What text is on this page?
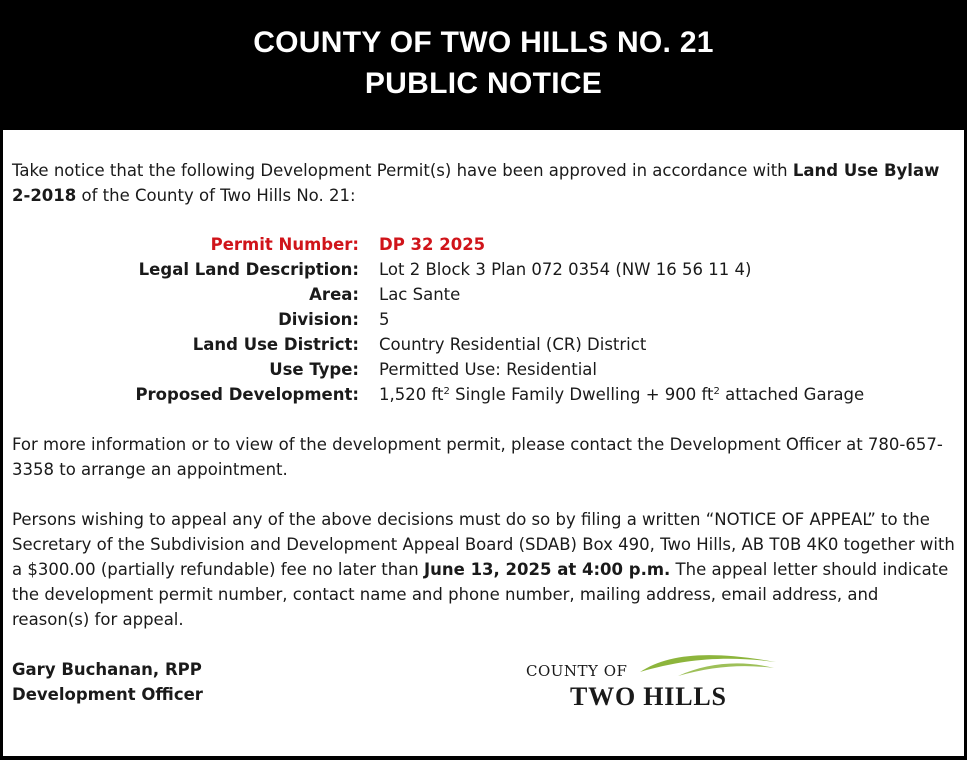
COUNTY OF TWO HILLS NO. 21
PUBLIC NOTICE

Take notice that the following Development Permit(s) have been approved in accordance with Land Use Bylaw 2-2018 of the County of Two Hills No. 21:

Permit Number: DP 32 2025
Legal Land Description: Lot 2 Block 3 Plan 072 0354 (NW 16 56 11 4)
Area: Lac Sante
Division: 5
Land Use District: Country Residential (CR) District
Use Type: Permitted Use: Residential
Proposed Development: 1,520 $ft^2$ Single Family Dwelling + 900 $ft^2$ attached Garage

For more information or to view of the development permit, please contact the Development Officer at 780-657-3358 to arrange an appointment.

Persons wishing to appeal any of the above decisions must do so by filing a written “NOTICE OF APPEAL” to the Secretary of the Subdivision and Development Appeal Board (SDAB) Box 490, Two Hills, AB T0B 4K0 together with a $300.00 (partially refundable) fee no later than June 13, 2025 at 4:00 p.m. The appeal letter should indicate the development permit number, contact name and phone number, mailing address, email address, and reason(s) for appeal.

Gary Buchanan, RPP
Development Officer
COUNTY OF
TWO HILLS
